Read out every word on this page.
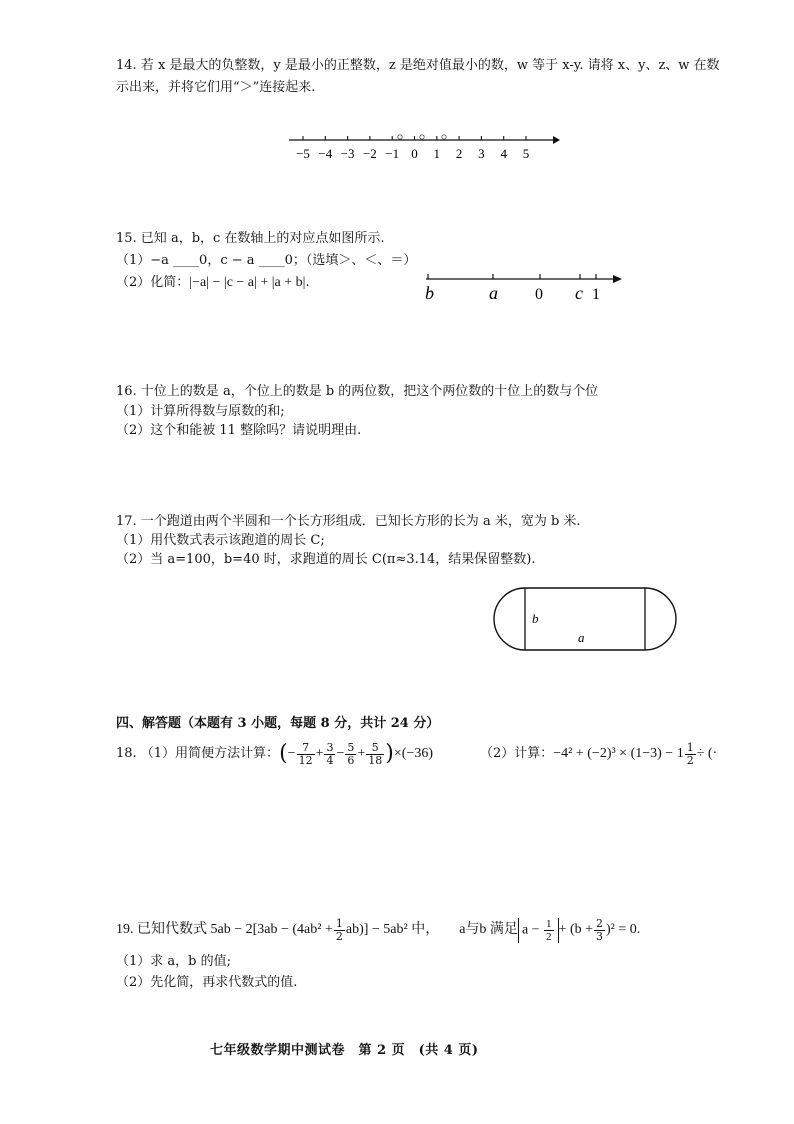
14. 若 x 是最大的负整数，y 是最小的正整数，z 是绝对值最小的数，w 等于 x-y. 请将 x、y、z、w 在数
示出来，并将它们用“＞”连接起来.
−5 −4 −3 −2 −1 0 1 2 3 4 5
15. 已知 a，b，c 在数轴上的对应点如图所示.
（1）−a ____0，c − a ____0；（选填＞、＜、＝）
（2）化简：|−a| − |c − a| + |a + b|.
b	a 0 c 1
16. 十位上的数是 a，个位上的数是 b 的两位数，把这个两位数的十位上的数与个位
（1）计算所得数与原数的和;
（2）这个和能被 11 整除吗？请说明理由.
17. 一个跑道由两个半圆和一个长方形组成．已知长方形的长为 a 米，宽为 b 米.
（1）用代数式表示该跑道的周长 C;
（2）当 a=100，b=40 时，求跑道的周长 C(π≈3.14，结果保留整数).
b
a
四、解答题（本题有 3 小题，每题 8 分，共计 24 分）
18. （1）用简便方法计算： ( − $\frac{7}{12} + \frac{3}{4} - \frac{5}{6} + \frac{5}{18}$ ) ×(−36)	（2）计算： $-4^2 + (-2)^3 \times (1-3) - 1 \frac{1}{2}$ ÷ (·
19. 已知代数式 $5ab - 2[3ab - (4ab^2 + \frac{1}{2} ab)] - 5ab^2$ 中， a与b 满足 $a - \frac{1}{2} + (b + \frac{2}{3} )^2 = 0$.
（1）求 a，b 的值;
（2）先化简，再求代数式的值.
七年级数学期中测试卷　第 2 页　(共 4 页)
